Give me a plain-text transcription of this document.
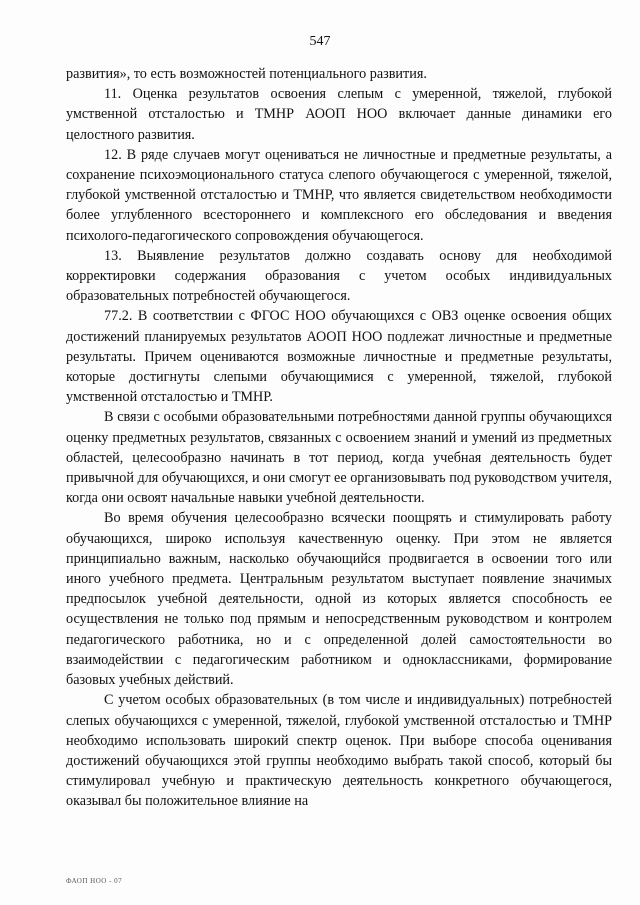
547

развития», то есть возможностей потенциального развития.

11. Оценка результатов освоения слепым с умеренной, тяжелой, глубокой умственной отсталостью и ТМНР АООП НОО включает данные динамики его целостного развития.

12. В ряде случаев могут оцениваться не личностные и предметные результаты, а сохранение психоэмоционального статуса слепого обучающегося с умеренной, тяжелой, глубокой умственной отсталостью и ТМНР, что является свидетельством необходимости более углубленного всестороннего и комплексного его обследования и введения психолого-педагогического сопровождения обучающегося.

13. Выявление результатов должно создавать основу для необходимой корректировки содержания образования с учетом особых индивидуальных образовательных потребностей обучающегося.

77.2. В соответствии с ФГОС НОО обучающихся с ОВЗ оценке освоения общих достижений планируемых результатов АООП НОО подлежат личностные и предметные результаты. Причем оцениваются возможные личностные и предметные результаты, которые достигнуты слепыми обучающимися с умеренной, тяжелой, глубокой умственной отсталостью и ТМНР.

В связи с особыми образовательными потребностями данной группы обучающихся оценку предметных результатов, связанных с освоением знаний и умений из предметных областей, целесообразно начинать в тот период, когда учебная деятельность будет привычной для обучающихся, и они смогут ее организовывать под руководством учителя, когда они освоят начальные навыки учебной деятельности.

Во время обучения целесообразно всячески поощрять и стимулировать работу обучающихся, широко используя качественную оценку. При этом не является принципиально важным, насколько обучающийся продвигается в освоении того или иного учебного предмета. Центральным результатом выступает появление значимых предпосылок учебной деятельности, одной из которых является способность ее осуществления не только под прямым и непосредственным руководством и контролем педагогического работника, но и с определенной долей самостоятельности во взаимодействии с педагогическим работником и одноклассниками, формирование базовых учебных действий.

С учетом особых образовательных (в том числе и индивидуальных) потребностей слепых обучающихся с умеренной, тяжелой, глубокой умственной отсталостью и ТМНР необходимо использовать широкий спектр оценок. При выборе способа оценивания достижений обучающихся этой группы необходимо выбрать такой способ, который бы стимулировал учебную и практическую деятельность конкретного обучающегося, оказывал бы положительное влияние на

ФАОП НОО - 07
